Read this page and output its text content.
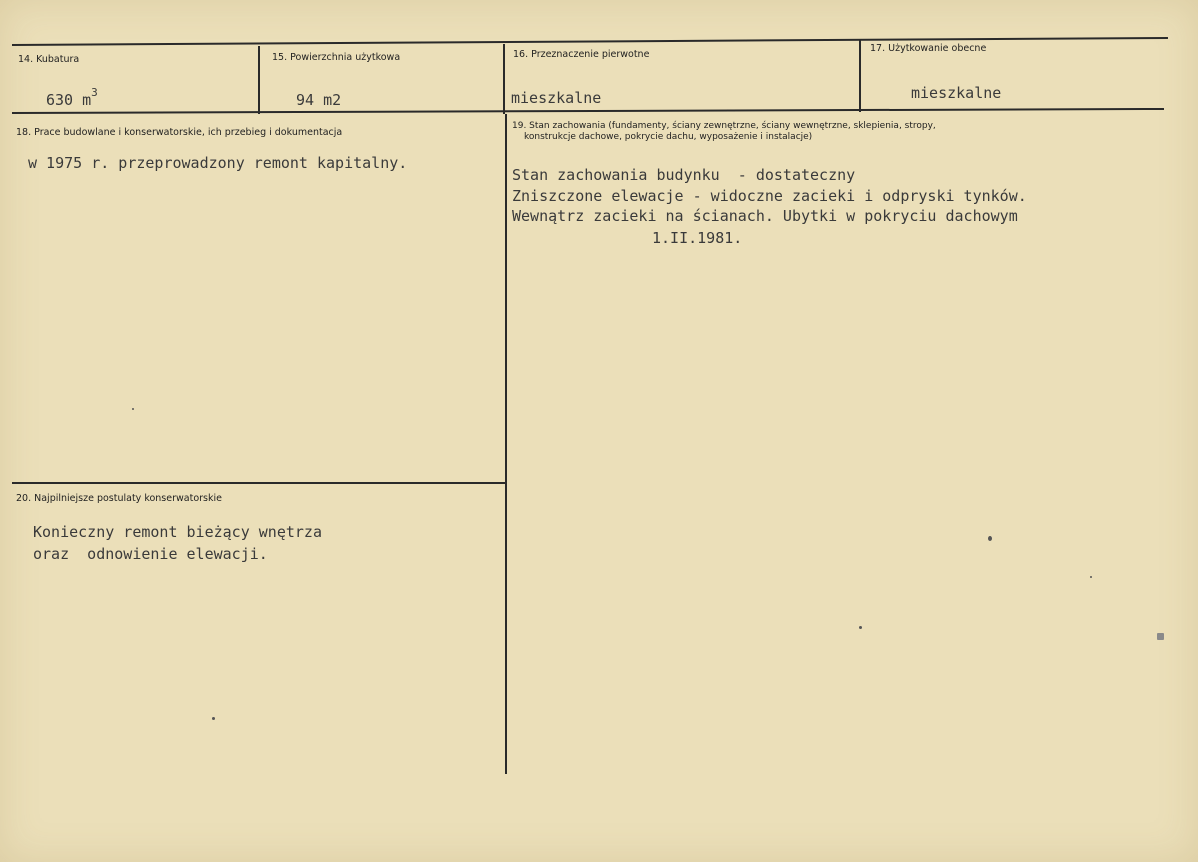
14. Kubatura
630 $m^3$
15. Powierzchnia użytkowa
94 m2
16. Przeznaczenie pierwotne
mieszkalne
17. Użytkowanie obecne
mieszkalne
18. Prace budowlane i konserwatorskie, ich przebieg i dokumentacja
w 1975 r. przeprowadzony remont kapitalny.
19. Stan zachowania (fundamenty, ściany zewnętrzne, ściany wewnętrzne, sklepienia, stropy,
konstrukcje dachowe, pokrycie dachu, wyposażenie i instalacje)
Stan zachowania budynku  - dostateczny
Zniszczone elewacje - widoczne zacieki i odpryski tynków.
Wewnątrz zacieki na ścianach. Ubytki w pokryciu dachowym
1.II.1981.
20. Najpilniejsze postulaty konserwatorskie
Konieczny remont bieżący wnętrza
oraz  odnowienie elewacji.
